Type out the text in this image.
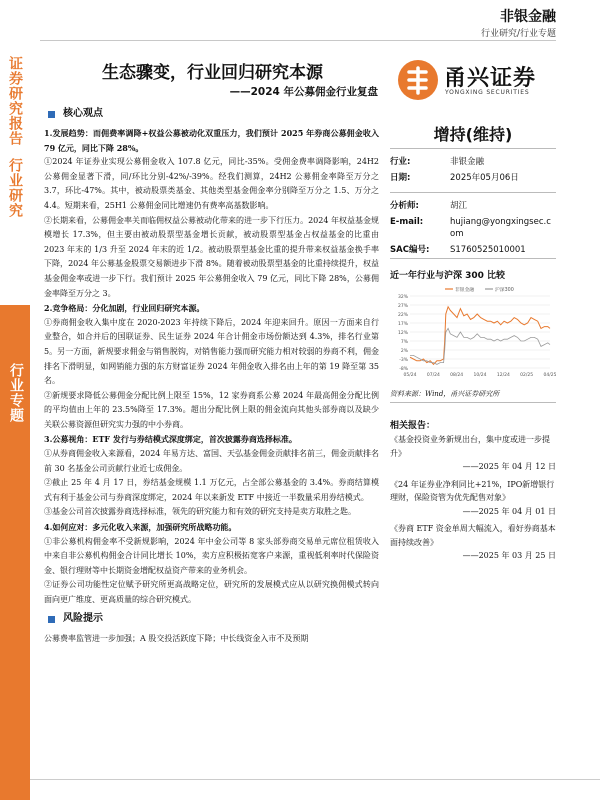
证券研究报告
行业研究
行业专题
非银金融
行业研究/行业专题
生态骤变，行业回归研究本源
——2024 年公募佣金行业复盘
甬兴证券
YONGXING SECURITIES
核心观点

1.发展趋势：而佣费率调降+权益公募被动化双重压力，我们预计 2025 年券商公募佣金收入 79 亿元，同比下降 28%。

①2024 年证券业实现公募佣金收入 107.8 亿元，同比-35%。受佣金费率调降影响，24H2 公募佣金显著下滑，同/环比分别-42%/-39%。经我们测算，24H2 公募佣金率降至万分之 3.7，环比-47%。其中，被动股票类基金、其他类型基金佣金率分别降至万分之 1.5、万分之 4.4。短期来看，25H1 公募佣金同比增速仍有费率高基数影响。

②长期来看，公募佣金率关而临佣权益公募被动化带来的进一步下行压力。2024 年权益基金规模增长 17.3%，但主要由被动股票型基金增长贡献，被动股票型基金占权益基金的比重由 2023 年末的 1/3 升至 2024 年末的近 1/2。被动股票型基金比重的提升带来权益基金换手率下降，2024 年公募基金股票交易额进步下滑 8%。随着被动股票型基金的比重持续提升，权益基金佣金率或进一步下行。我们预计 2025 年公募佣金收入 79 亿元，同比下降 28%，公募佣金率降至万分之 3。

2.竞争格局：分化加剧，行业回归研究本源。

①券商佣金收入集中度在 2020-2023 年持续下降后，2024 年迎来回升。原因一方面来自行业整合，如合并后的国联证券、民生证券 2024 年合计佣金市场份额达到 4.3%，排名行业第 5。另一方面，新规要求佣金与销售脱钩，对销售能力强而研究能力相对较弱的券商不利，佣金排名下滑明显，如网销能力强的东方财富证券 2024 年佣金收入排名由上年的第 19 降至第 35 名。

②新规要求降低公募佣金分配比例上限至 15%，12 家券商系公募 2024 年最高佣金分配比例的平均值由上年的 23.5%降至 17.3%。超出分配比例上限的佣金流向其他头部券商以及缺少关联公募资源但研究实力强的中小券商。

3.公募视角：ETF 发行与券结模式深度绑定，首次披露券商选择标准。

①从券商佣金收入来源看，2024 年易方达、富国、天弘基金佣金贡献排名前三，佣金贡献排名前 30 名基金公司贡献行业近七成佣金。

②截止 25 年 4 月 17 日，券结基金规模 1.1 万亿元，占全部公募基金的 3.4%。券商结算模式有利于基金公司与券商深度绑定，2024 年以来新发 ETF 中接近一半数量采用券结模式。

③基金公司首次披露券商选择标准，领先的研究能力和有效的研究支持是卖方取胜之匙。

4.如何应对：多元化收入来源，加强研究所战略功能。

①非公募机构佣金率不受新规影响，2024 年中金公司等 8 家头部券商交易单元席位租赁收入中来自非公募机构佣金合计同比增长 10%，卖方应积极拓宽客户来源，重视低利率时代保险资金、银行理财等中长期资金增配权益资产带来的业务机会。

②证券公司功能性定位赋予研究所更高战略定位，研究所的发展模式应从以研究换佣模式转向面向更广维度、更高质量的综合研究模式。

风险提示

公募费率监管进一步加强；A 股交投活跃度下降；中长线资金入市不及预期

增持(维持)
行业:	非银金融
日期:	2025年05月06日
分析师:	胡江
E-mail:	hujiang@yongxingsec.com
SAC编号:	S1760525010001
近一年行业与沪深 300 比较
-8%
-3%
2%
7%
12%
17%
22%
27%
32%
05/24 07/24 08/24 10/24 12/24 02/25 04/25
非银金融	沪深300
资料来源：Wind，甬兴证券研究所
相关报告：
《基金投资业务新规出台，集中度或进一步提升》
——2025 年 04 月 12 日
《24 年证券业净利同比+21%，IPO新增银行理财，保险资管为优先配售对象》
——2025 年 04 月 01 日
《券商 ETF 资金单周大幅流入，看好券商基本面持续改善》
——2025 年 03 月 25 日
